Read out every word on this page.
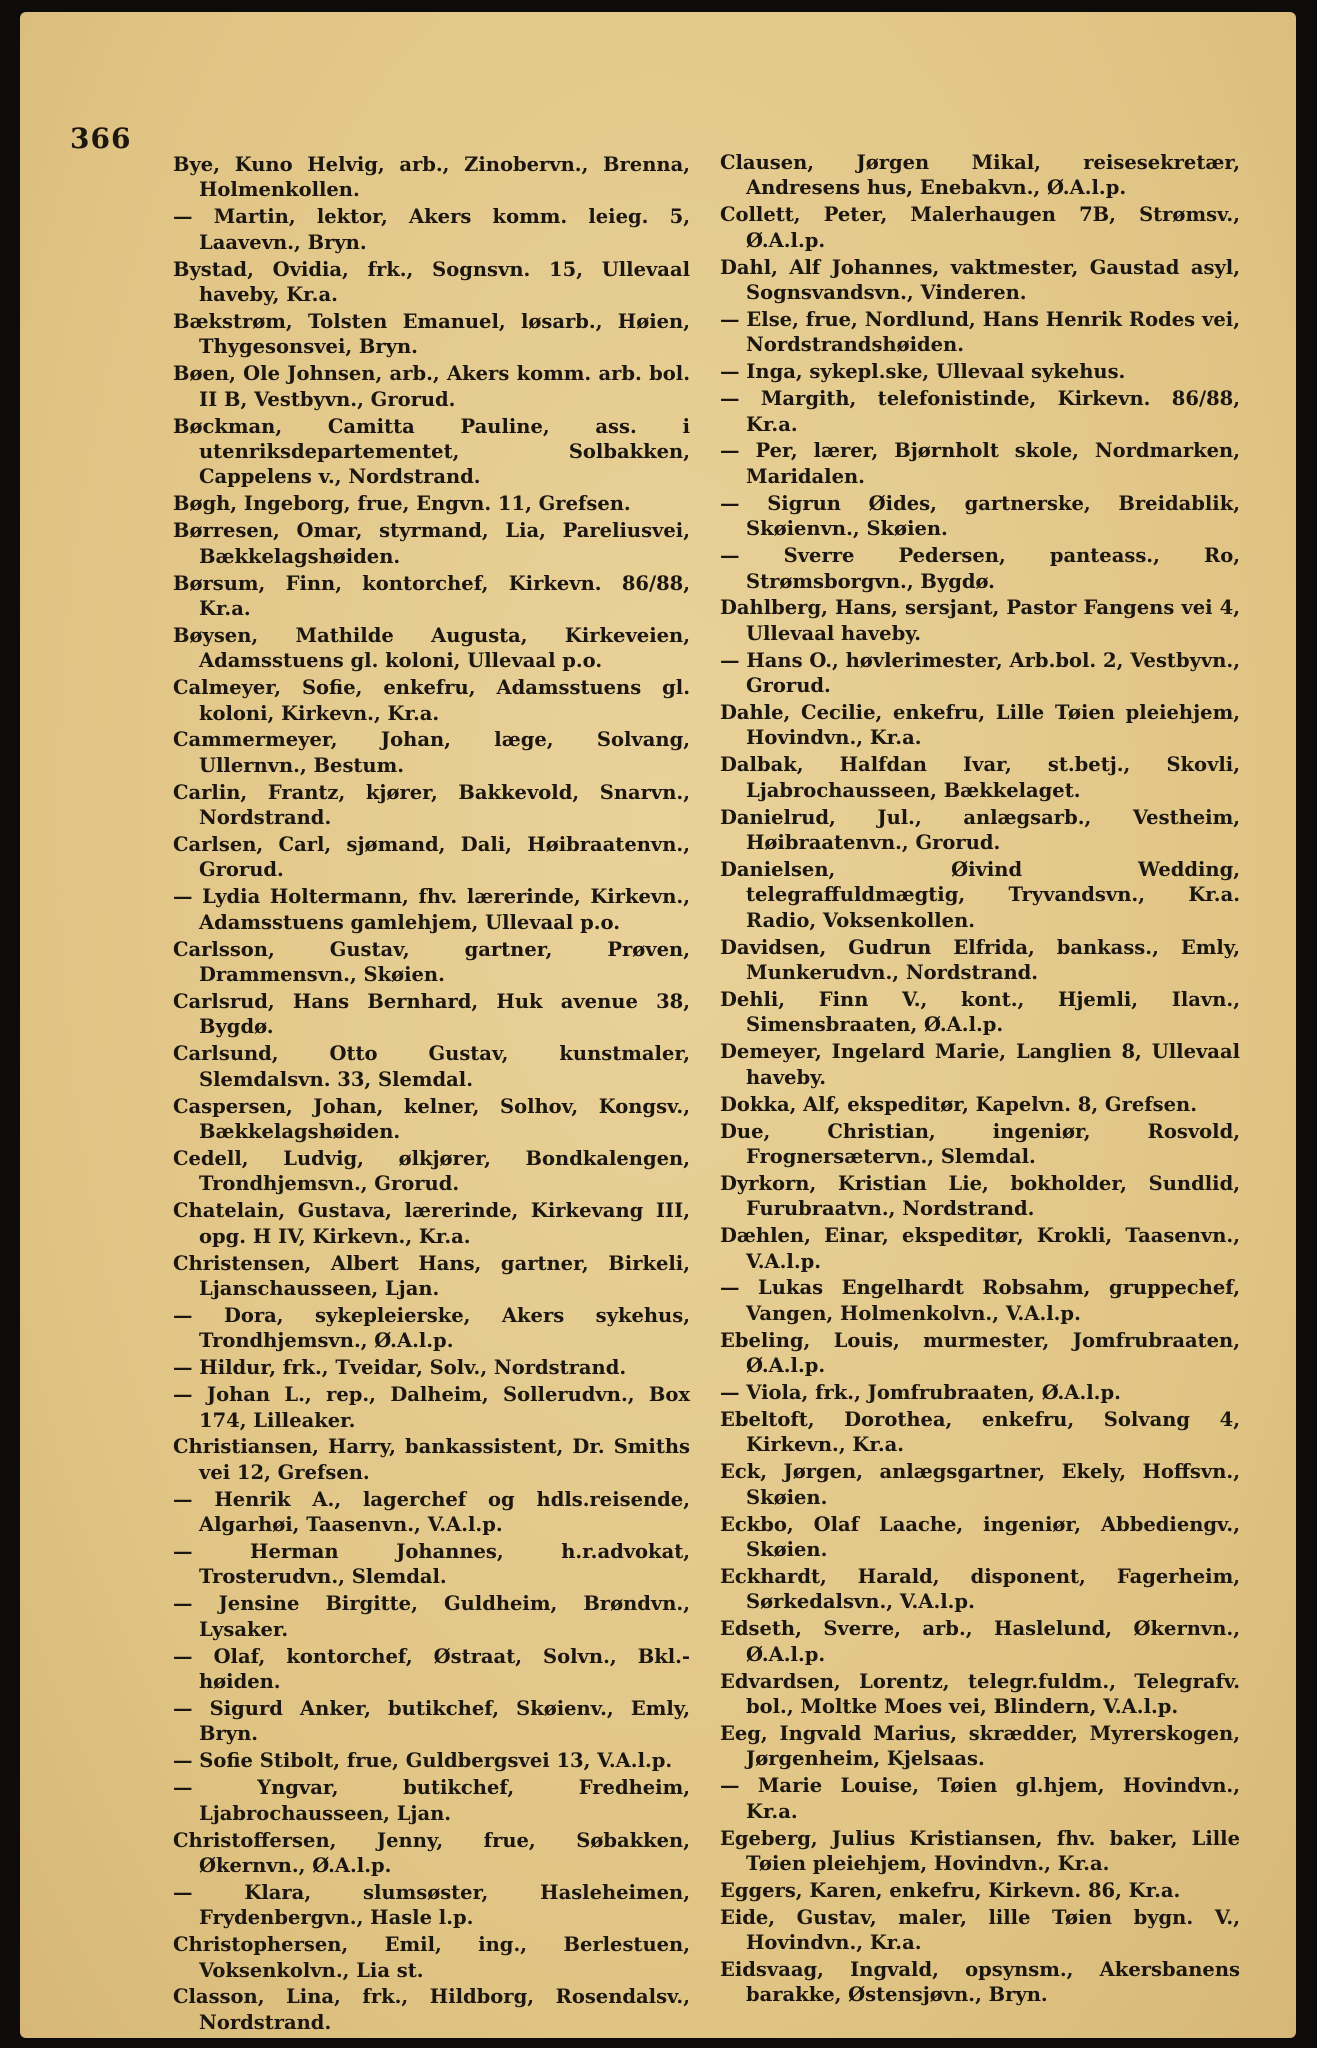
366

Bye, Kuno Helvig, arb., Zinobervn., Brenna, Holmenkollen.

— Martin, lektor, Akers komm. leieg. 5, Laavevn., Bryn.

Bystad, Ovidia, frk., Sognsvn. 15, Ullevaal haveby, Kr.a.

Bækstrøm, Tolsten Emanuel, løsarb., Høien, Thygesonsvei, Bryn.

Bøen, Ole Johnsen, arb., Akers komm. arb. bol. II B, Vestbyvn., Grorud.

Bøckman, Camitta Pauline, ass. i utenriksdepartementet, Solbakken, Cappelens v., Nordstrand.

Bøgh, Ingeborg, frue, Engvn. 11, Grefsen.

Børresen, Omar, styrmand, Lia, Pareliusvei, Bækkelagshøiden.

Børsum, Finn, kontorchef, Kirkevn. 86/88, Kr.a.

Bøysen, Mathilde Augusta, Kirkeveien, Adamsstuens gl. koloni, Ullevaal p.o.

Calmeyer, Sofie, enkefru, Adamsstuens gl. koloni, Kirkevn., Kr.a.

Cammermeyer, Johan, læge, Solvang, Ullernvn., Bestum.

Carlin, Frantz, kjører, Bakkevold, Snarvn., Nordstrand.

Carlsen, Carl, sjømand, Dali, Høibraatenvn., Grorud.

— Lydia Holtermann, fhv. lærerinde, Kirkevn., Adamsstuens gamlehjem, Ullevaal p.o.

Carlsson, Gustav, gartner, Prøven, Drammensvn., Skøien.

Carlsrud, Hans Bernhard, Huk avenue 38, Bygdø.

Carlsund, Otto Gustav, kunstmaler, Slemdalsvn. 33, Slemdal.

Caspersen, Johan, kelner, Solhov, Kongsv., Bækkelagshøiden.

Cedell, Ludvig, ølkjører, Bondkalengen, Trondhjemsvn., Grorud.

Chatelain, Gustava, lærerinde, Kirkevang III, opg. H IV, Kirkevn., Kr.a.

Christensen, Albert Hans, gartner, Birkeli, Ljanschausseen, Ljan.

— Dora, sykepleierske, Akers sykehus, Trondhjemsvn., Ø.A.l.p.

— Hildur, frk., Tveidar, Solv., Nordstrand.

— Johan L., rep., Dalheim, Sollerudvn., Box 174, Lilleaker.

Christiansen, Harry, bankassistent, Dr. Smiths vei 12, Grefsen.

— Henrik A., lagerchef og hdls.reisende, Algarhøi, Taasenvn., V.A.l.p.

— Herman Johannes, h.r.advokat, Trosterudvn., Slemdal.

— Jensine Birgitte, Guldheim, Brøndvn., Lysaker.

— Olaf, kontorchef, Østraat, Solvn., Bkl.-høiden.

— Sigurd Anker, butikchef, Skøienv., Emly, Bryn.

— Sofie Stibolt, frue, Guldbergsvei 13, V.A.l.p.

— Yngvar, butikchef, Fredheim, Ljabrochausseen, Ljan.

Christoffersen, Jenny, frue, Søbakken, Økernvn., Ø.A.l.p.

— Klara, slumsøster, Hasleheimen, Frydenbergvn., Hasle l.p.

Christophersen, Emil, ing., Berlestuen, Voksenkolvn., Lia st.

Classon, Lina, frk., Hildborg, Rosendalsv., Nordstrand.

Clausen, Jørgen Mikal, reisesekretær, Andresens hus, Enebakvn., Ø.A.l.p.

Collett, Peter, Malerhaugen 7B, Strømsv., Ø.A.l.p.

Dahl, Alf Johannes, vaktmester, Gaustad asyl, Sognsvandsvn., Vinderen.

— Else, frue, Nordlund, Hans Henrik Rodes vei, Nordstrandshøiden.

— Inga, sykepl.ske, Ullevaal sykehus.

— Margith, telefonistinde, Kirkevn. 86/88, Kr.a.

— Per, lærer, Bjørnholt skole, Nordmarken, Maridalen.

— Sigrun Øides, gartnerske, Breidablik, Skøienvn., Skøien.

— Sverre Pedersen, panteass., Ro, Strømsborgvn., Bygdø.

Dahlberg, Hans, sersjant, Pastor Fangens vei 4, Ullevaal haveby.

— Hans O., høvlerimester, Arb.bol. 2, Vestbyvn., Grorud.

Dahle, Cecilie, enkefru, Lille Tøien pleiehjem, Hovindvn., Kr.a.

Dalbak, Halfdan Ivar, st.betj., Skovli, Ljabrochausseen, Bækkelaget.

Danielrud, Jul., anlægsarb., Vestheim, Høibraatenvn., Grorud.

Danielsen, Øivind Wedding, telegraffuldmægtig, Tryvandsvn., Kr.a. Radio, Voksenkollen.

Davidsen, Gudrun Elfrida, bankass., Emly, Munkerudvn., Nordstrand.

Dehli, Finn V., kont., Hjemli, Ilavn., Simensbraaten, Ø.A.l.p.

Demeyer, Ingelard Marie, Langlien 8, Ullevaal haveby.

Dokka, Alf, ekspeditør, Kapelvn. 8, Grefsen.

Due, Christian, ingeniør, Rosvold, Frognersætervn., Slemdal.

Dyrkorn, Kristian Lie, bokholder, Sundlid, Furubraatvn., Nordstrand.

Dæhlen, Einar, ekspeditør, Krokli, Taasenvn., V.A.l.p.

— Lukas Engelhardt Robsahm, gruppechef, Vangen, Holmenkolvn., V.A.l.p.

Ebeling, Louis, murmester, Jomfrubraaten, Ø.A.l.p.

— Viola, frk., Jomfrubraaten, Ø.A.l.p.

Ebeltoft, Dorothea, enkefru, Solvang 4, Kirkevn., Kr.a.

Eck, Jørgen, anlægsgartner, Ekely, Hoffsvn., Skøien.

Eckbo, Olaf Laache, ingeniør, Abbediengv., Skøien.

Eckhardt, Harald, disponent, Fagerheim, Sørkedalsvn., V.A.l.p.

Edseth, Sverre, arb., Haslelund, Økernvn., Ø.A.l.p.

Edvardsen, Lorentz, telegr.fuldm., Telegrafv. bol., Moltke Moes vei, Blindern, V.A.l.p.

Eeg, Ingvald Marius, skrædder, Myrerskogen, Jørgenheim, Kjelsaas.

— Marie Louise, Tøien gl.hjem, Hovindvn., Kr.a.

Egeberg, Julius Kristiansen, fhv. baker, Lille Tøien pleiehjem, Hovindvn., Kr.a.

Eggers, Karen, enkefru, Kirkevn. 86, Kr.a.

Eide, Gustav, maler, lille Tøien bygn. V., Hovindvn., Kr.a.

Eidsvaag, Ingvald, opsynsm., Akersbanens barakke, Østensjøvn., Bryn.
